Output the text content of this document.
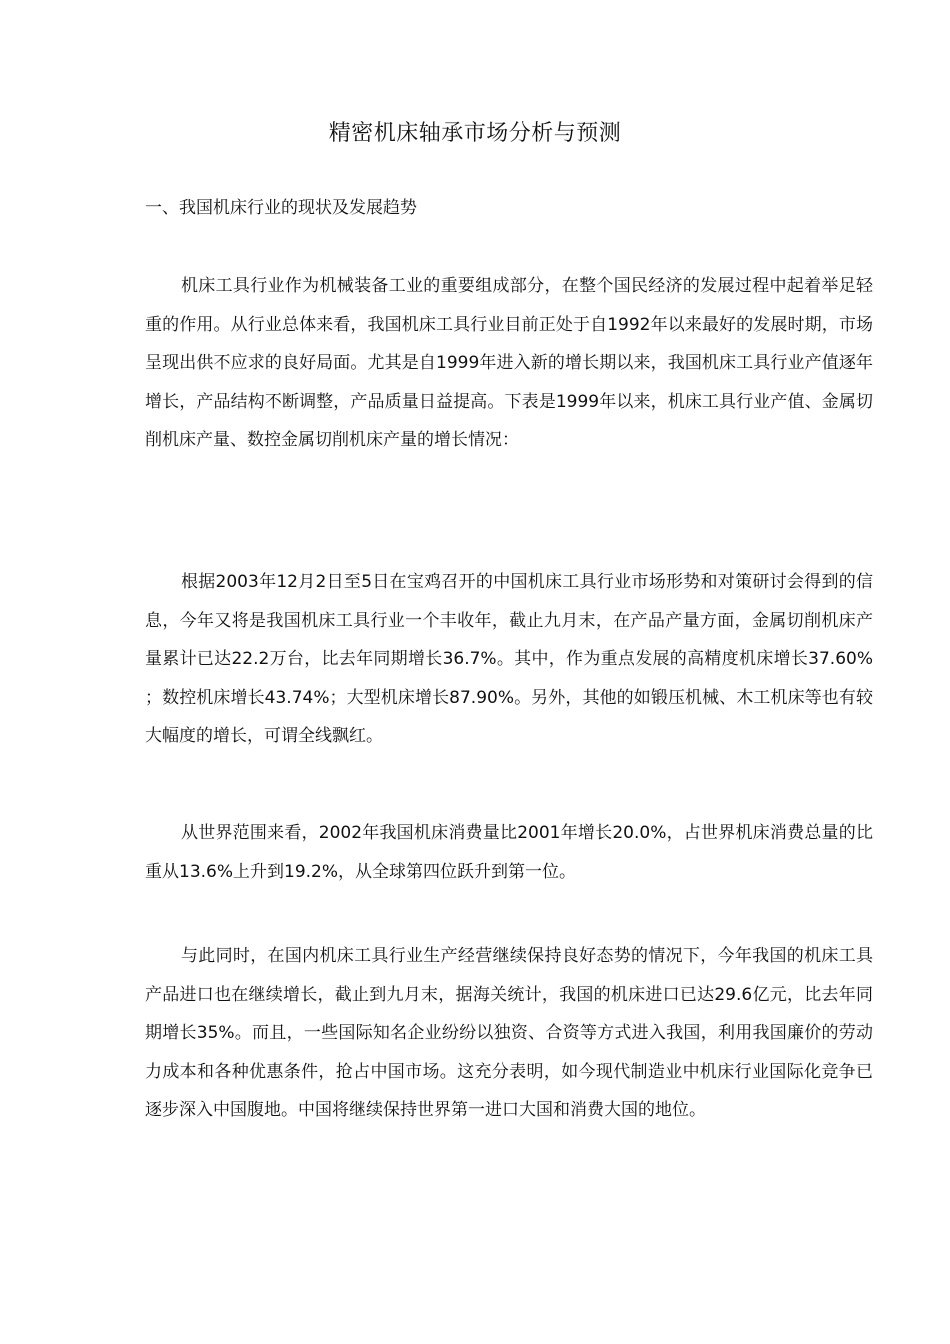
精密机床轴承市场分析与预测
一、我国机床行业的现状及发展趋势

机床工具行业作为机械装备工业的重要组成部分，在整个国民经济的发展过程中起着举足轻重的作用。从行业总体来看，我国机床工具行业目前正处于自1992年以来最好的发展时期，市场呈现出供不应求的良好局面。尤其是自1999年进入新的增长期以来，我国机床工具行业产值逐年增长，产品结构不断调整，产品质量日益提高。下表是1999年以来，机床工具行业产值、金属切削机床产量、数控金属切削机床产量的增长情况：

根据2003年12月2日至5日在宝鸡召开的中国机床工具行业市场形势和对策研讨会得到的信息，今年又将是我国机床工具行业一个丰收年，截止九月末，在产品产量方面，金属切削机床产量累计已达22.2万台，比去年同期增长36.7%。其中，作为重点发展的高精度机床增长37.60%；数控机床增长43.74%；大型机床增长87.90%。另外，其他的如锻压机械、木工机床等也有较大幅度的增长，可谓全线飘红。

从世界范围来看，2002年我国机床消费量比2001年增长20.0%，占世界机床消费总量的比重从13.6%上升到19.2%，从全球第四位跃升到第一位。

与此同时，在国内机床工具行业生产经营继续保持良好态势的情况下，今年我国的机床工具产品进口也在继续增长，截止到九月末，据海关统计，我国的机床进口已达29.6亿元，比去年同期增长35%。而且，一些国际知名企业纷纷以独资、合资等方式进入我国，利用我国廉价的劳动力成本和各种优惠条件，抢占中国市场。这充分表明，如今现代制造业中机床行业国际化竞争已逐步深入中国腹地。中国将继续保持世界第一进口大国和消费大国的地位。
